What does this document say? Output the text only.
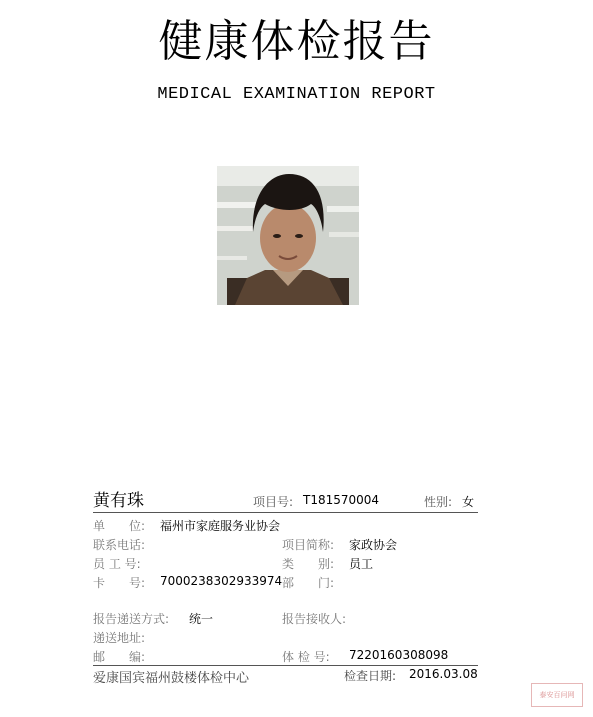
健康体检报告
MEDICAL EXAMINATION REPORT
黄有珠	项目号: T181570004	性别: 女
单　　位: 福州市家庭服务业协会
联系电话:	项目简称: 家政协会
员 工 号:	类　　别: 员工
卡　　号: 7000238302933974 部　　门:
报告递送方式: 统一	报告接收人:
递送地址:
邮　　编:	体 检 号: 7220160308098
爱康国宾福州鼓楼体检中心	检查日期: 2016.03.08
泰安百问网
